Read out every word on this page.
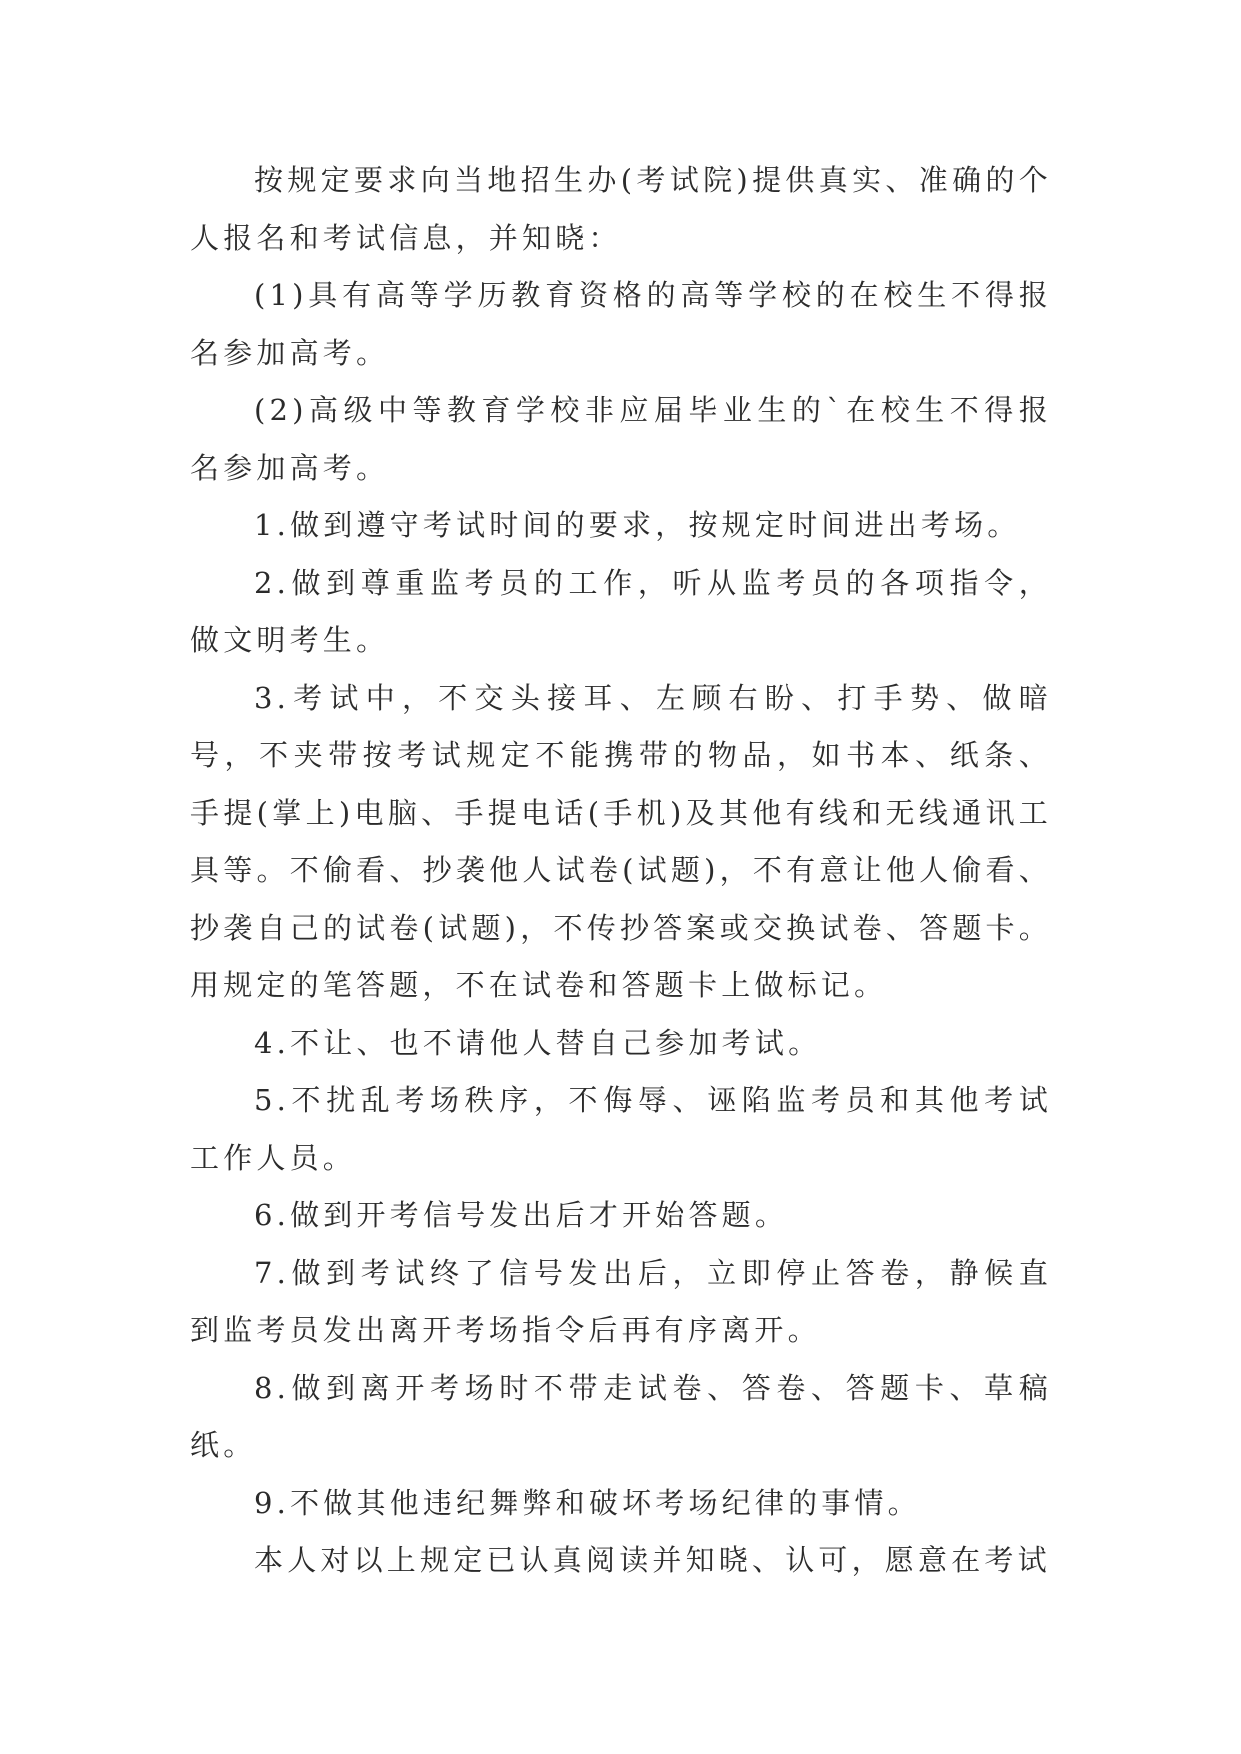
按规定要求向当地招生办(考试院)提供真实、准确的个人报名和考试信息，并知晓：

(1)具有高等学历教育资格的高等学校的在校生不得报名参加高考。

(2)高级中等教育学校非应届毕业生的`在校生不得报名参加高考。

1.做到遵守考试时间的要求，按规定时间进出考场。

2.做到尊重监考员的工作，听从监考员的各项指令，做文明考生。

3.考试中，不交头接耳、左顾右盼、打手势、做暗号，不夹带按考试规定不能携带的物品，如书本、纸条、手提(掌上)电脑、手提电话(手机)及其他有线和无线通讯工具等。不偷看、抄袭他人试卷(试题)，不有意让他人偷看、抄袭自己的试卷(试题)，不传抄答案或交换试卷、答题卡。用规定的笔答题，不在试卷和答题卡上做标记。

4.不让、也不请他人替自己参加考试。

5.不扰乱考场秩序，不侮辱、诬陷监考员和其他考试工作人员。

6.做到开考信号发出后才开始答题。

7.做到考试终了信号发出后，立即停止答卷，静候直到监考员发出离开考场指令后再有序离开。

8.做到离开考场时不带走试卷、答卷、答题卡、草稿纸。

9.不做其他违纪舞弊和破坏考场纪律的事情。

本人对以上规定已认真阅读并知晓、认可，愿意在考试
